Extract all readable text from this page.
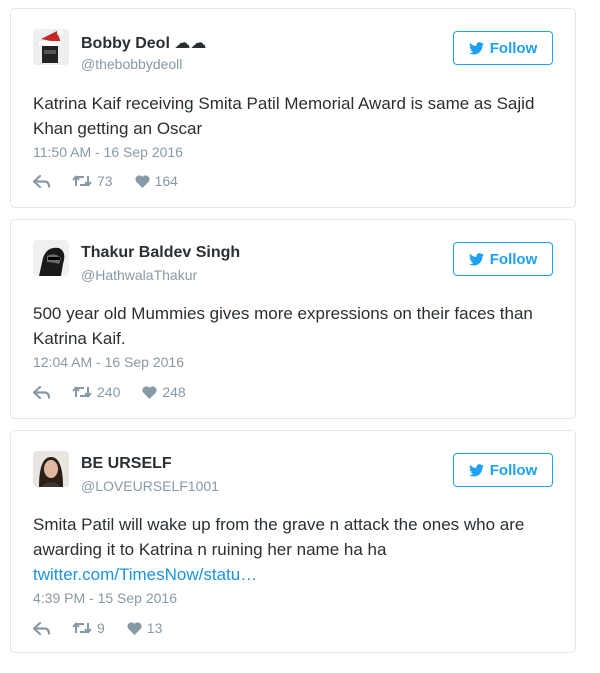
Bobby Deol ☁☁
@thebobbydeoll
Follow
Katrina Kaif receiving Smita Patil Memorial Award is same as Sajid Khan getting an Oscar
11:50 AM - 16 Sep 2016
73	164
Thakur Baldev Singh
@HathwalaThakur
Follow
500 year old Mummies gives more expressions on their faces than Katrina Kaif.
12:04 AM - 16 Sep 2016
240	248
BE URSELF
@LOVEURSELF1001
Follow
Smita Patil will wake up from the grave n attack the ones who are awarding it to Katrina n ruining her name ha ha
twitter.com/TimesNow/statu…
4:39 PM - 15 Sep 2016
9	13
